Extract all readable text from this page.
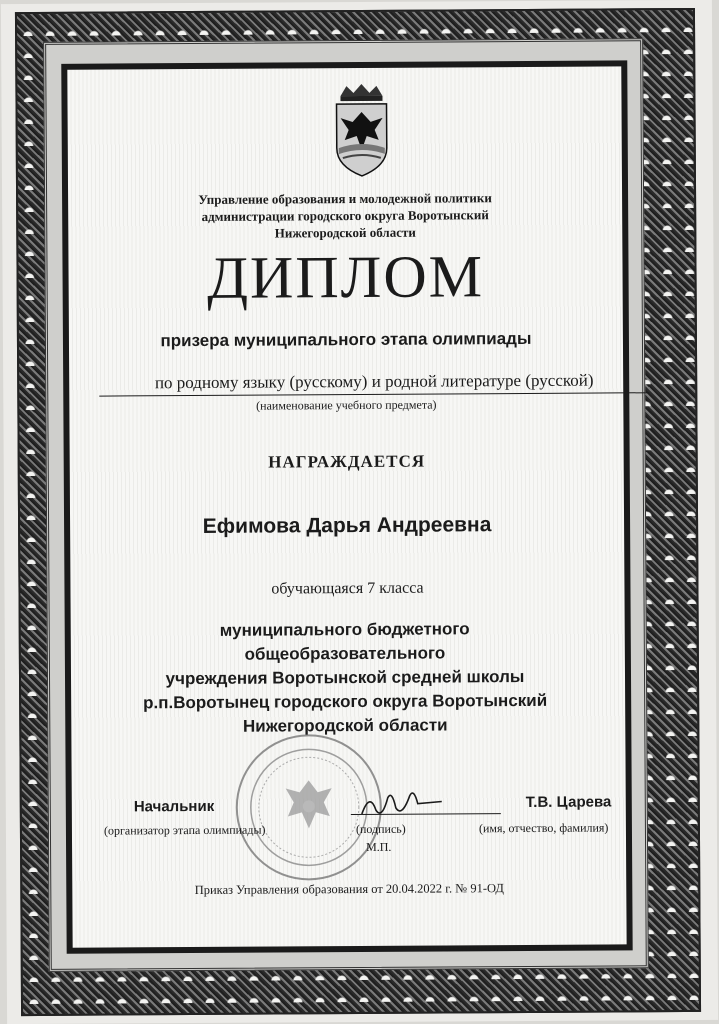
Управление образования и молодежной политики
администрации городского округа Воротынский
Нижегородской области
ДИПЛОМ
призера муниципального этапа олимпиады
по родному языку (русскому) и родной литературе (русской)
(наименование учебного предмета)
НАГРАЖДАЕТСЯ
Ефимова Дарья Андреевна
обучающаяся 7 класса
муниципального бюджетного общеобразовательного
учреждения Воротынской средней школы
р.п.Воротынец городского округа Воротынский
Нижегородской области
Начальник
(организатор этапа олимпиады)	(подпись)
М.П.
Т.В. Царева
(имя, отчество, фамилия)
Приказ Управления образования от 20.04.2022 г. № 91-ОД
